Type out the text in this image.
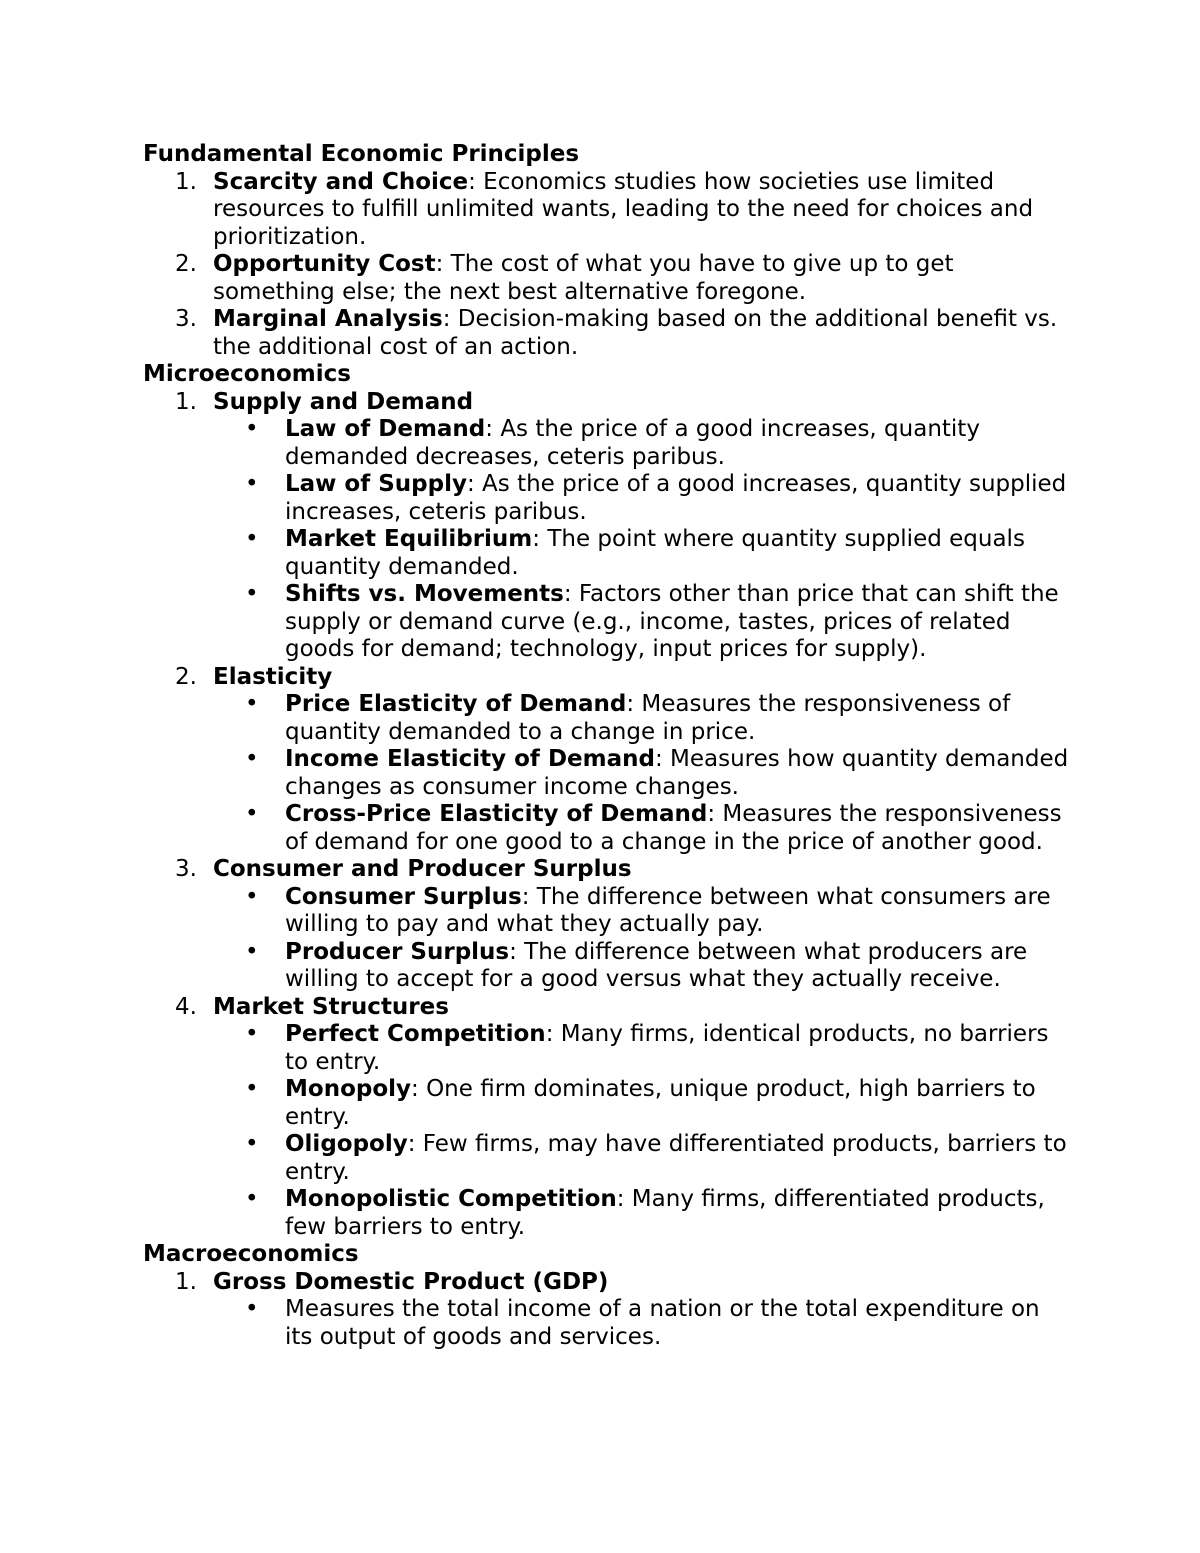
Fundamental Economic Principles

1. Scarcity and Choice: Economics studies how societies use limited resources to fulfill unlimited wants, leading to the need for choices and prioritization.
2. Opportunity Cost: The cost of what you have to give up to get something else; the next best alternative foregone.
3. Marginal Analysis: Decision-making based on the additional benefit vs. the additional cost of an action.

Microeconomics

1. Supply and Demand
• Law of Demand: As the price of a good increases, quantity demanded decreases, ceteris paribus.
• Law of Supply: As the price of a good increases, quantity supplied increases, ceteris paribus.
• Market Equilibrium: The point where quantity supplied equals quantity demanded.
• Shifts vs. Movements: Factors other than price that can shift the supply or demand curve (e.g., income, tastes, prices of related goods for demand; technology, input prices for supply).
2. Elasticity
• Price Elasticity of Demand: Measures the responsiveness of quantity demanded to a change in price.
• Income Elasticity of Demand: Measures how quantity demanded changes as consumer income changes.
• Cross-Price Elasticity of Demand: Measures the responsiveness of demand for one good to a change in the price of another good.
3. Consumer and Producer Surplus
• Consumer Surplus: The difference between what consumers are willing to pay and what they actually pay.
• Producer Surplus: The difference between what producers are willing to accept for a good versus what they actually receive.
4. Market Structures
• Perfect Competition: Many firms, identical products, no barriers to entry.
• Monopoly: One firm dominates, unique product, high barriers to entry.
• Oligopoly: Few firms, may have differentiated products, barriers to entry.
• Monopolistic Competition: Many firms, differentiated products, few barriers to entry.

Macroeconomics

1. Gross Domestic Product (GDP)
• Measures the total income of a nation or the total expenditure on its output of goods and services.
